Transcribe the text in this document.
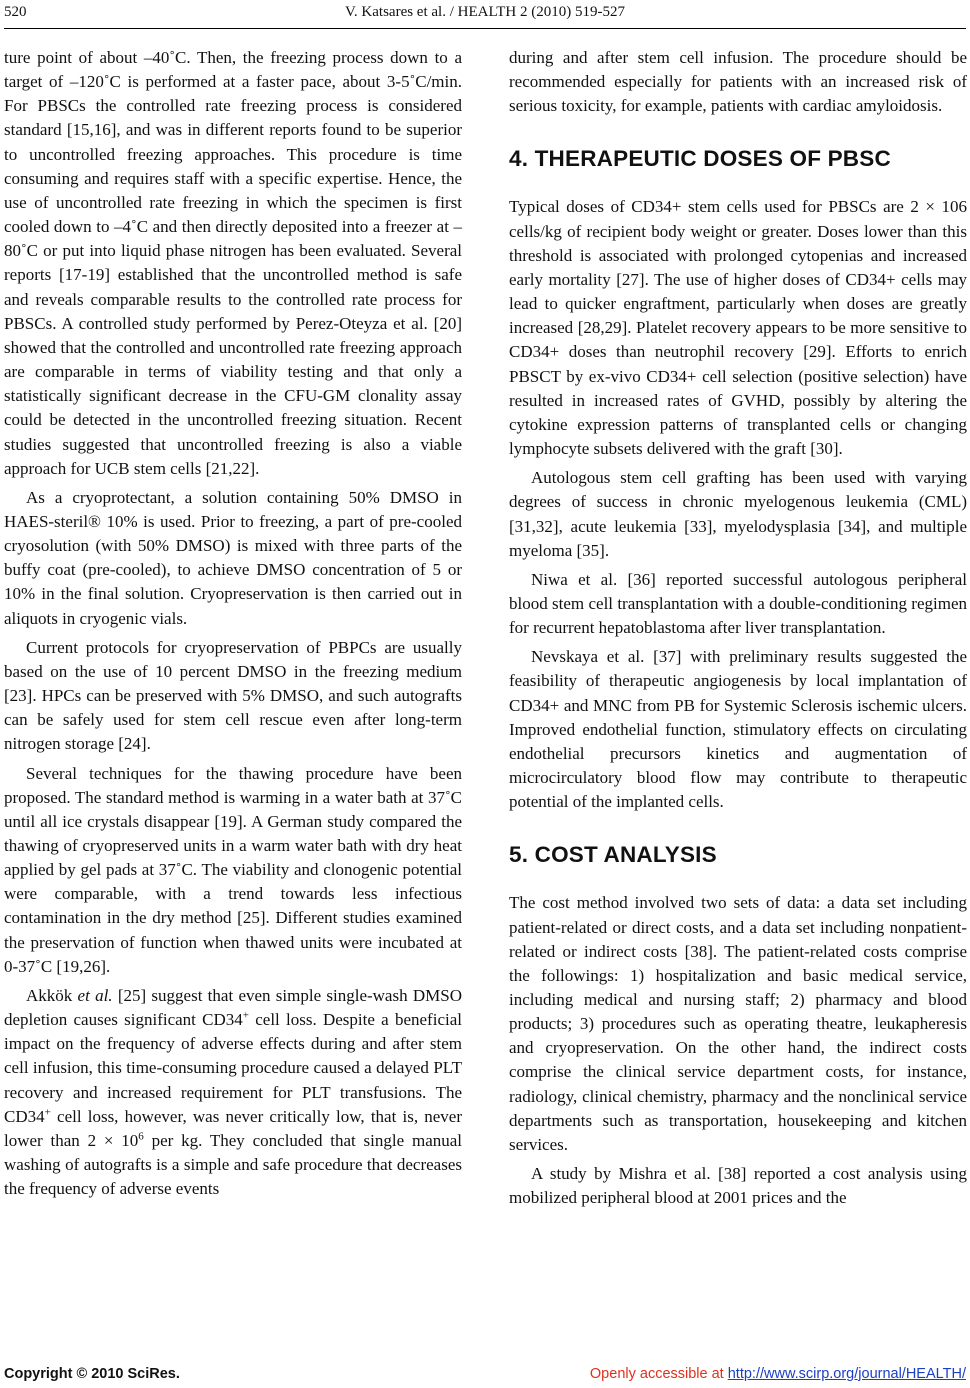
520	V. Katsares et al. / HEALTH 2 (2010) 519-527

ture point of about –40˚C. Then, the freezing process down to a target of –120˚C is performed at a faster pace, about 3-5˚C/min. For PBSCs the controlled rate freezing process is considered standard [15,16], and was in different reports found to be superior to uncontrolled freezing approaches. This procedure is time consuming and requires staff with a specific expertise. Hence, the use of uncontrolled rate freezing in which the specimen is first cooled down to –4˚C and then directly deposited into a freezer at –80˚C or put into liquid phase nitrogen has been evaluated. Several reports [17-19] established that the uncontrolled method is safe and reveals comparable results to the controlled rate process for PBSCs. A controlled study performed by Perez-Oteyza et al. [20] showed that the controlled and uncontrolled rate freezing approach are comparable in terms of viability testing and that only a statistically significant decrease in the CFU-GM clonality assay could be detected in the uncontrolled freezing situation. Recent studies suggested that uncontrolled freezing is also a viable approach for UCB stem cells [21,22].

As a cryoprotectant, a solution containing 50% DMSO in HAES-steril® 10% is used. Prior to freezing, a part of pre-cooled cryosolution (with 50% DMSO) is mixed with three parts of the buffy coat (pre-cooled), to achieve DMSO concentration of 5 or 10% in the final solution. Cryopreservation is then carried out in aliquots in cryogenic vials.

Current protocols for cryopreservation of PBPCs are usually based on the use of 10 percent DMSO in the freezing medium [23]. HPCs can be preserved with 5% DMSO, and such autografts can be safely used for stem cell rescue even after long-term nitrogen storage [24].

Several techniques for the thawing procedure have been proposed. The standard method is warming in a water bath at 37˚C until all ice crystals disappear [19]. A German study compared the thawing of cryopreserved units in a warm water bath with dry heat applied by gel pads at 37˚C. The viability and clonogenic potential were comparable, with a trend towards less infectious contamination in the dry method [25]. Different studies examined the preservation of function when thawed units were incubated at 0-37˚C [19,26].

Akkök et al. [25] suggest that even simple single-wash DMSO depletion causes significant CD34+ cell loss. Despite a beneficial impact on the frequency of adverse effects during and after stem cell infusion, this time-consuming procedure caused a delayed PLT recovery and increased requirement for PLT transfusions. The CD34+ cell loss, however, was never critically low, that is, never lower than $2 \times 10^6$ per kg. They concluded that single manual washing of autografts is a simple and safe procedure that decreases the frequency of adverse events

during and after stem cell infusion. The procedure should be recommended especially for patients with an increased risk of serious toxicity, for example, patients with cardiac amyloidosis.

4. THERAPEUTIC DOSES OF PBSC

Typical doses of CD34+ stem cells used for PBSCs are 2 × 106 cells/kg of recipient body weight or greater. Doses lower than this threshold is associated with prolonged cytopenias and increased early mortality [27]. The use of higher doses of CD34+ cells may lead to quicker engraftment, particularly when doses are greatly increased [28,29]. Platelet recovery appears to be more sensitive to CD34+ doses than neutrophil recovery [29]. Efforts to enrich PBSCT by ex-vivo CD34+ cell selection (positive selection) have resulted in increased rates of GVHD, possibly by altering the cytokine expression patterns of transplanted cells or changing lymphocyte subsets delivered with the graft [30].

Autologous stem cell grafting has been used with varying degrees of success in chronic myelogenous leukemia (CML) [31,32], acute leukemia [33], myelodysplasia [34], and multiple myeloma [35].

Niwa et al. [36] reported successful autologous peripheral blood stem cell transplantation with a double-conditioning regimen for recurrent hepatoblastoma after liver transplantation.

Nevskaya et al. [37] with preliminary results suggested the feasibility of therapeutic angiogenesis by local implantation of CD34+ and MNC from PB for Systemic Sclerosis ischemic ulcers. Improved endothelial function, stimulatory effects on circulating endothelial precursors kinetics and augmentation of microcirculatory blood flow may contribute to therapeutic potential of the implanted cells.

5. COST ANALYSIS

The cost method involved two sets of data: a data set including patient-related or direct costs, and a data set including nonpatient-related or indirect costs [38]. The patient-related costs comprise the followings: 1) hospitalization and basic medical service, including medical and nursing staff; 2) pharmacy and blood products; 3) procedures such as operating theatre, leukapheresis and cryopreservation. On the other hand, the indirect costs comprise the clinical service department costs, for instance, radiology, clinical chemistry, pharmacy and the nonclinical service departments such as transportation, housekeeping and kitchen services.

A study by Mishra et al. [38] reported a cost analysis using mobilized peripheral blood at 2001 prices and the

Copyright © 2010 SciRes.	Openly accessible at http://www.scirp.org/journal/HEALTH/
